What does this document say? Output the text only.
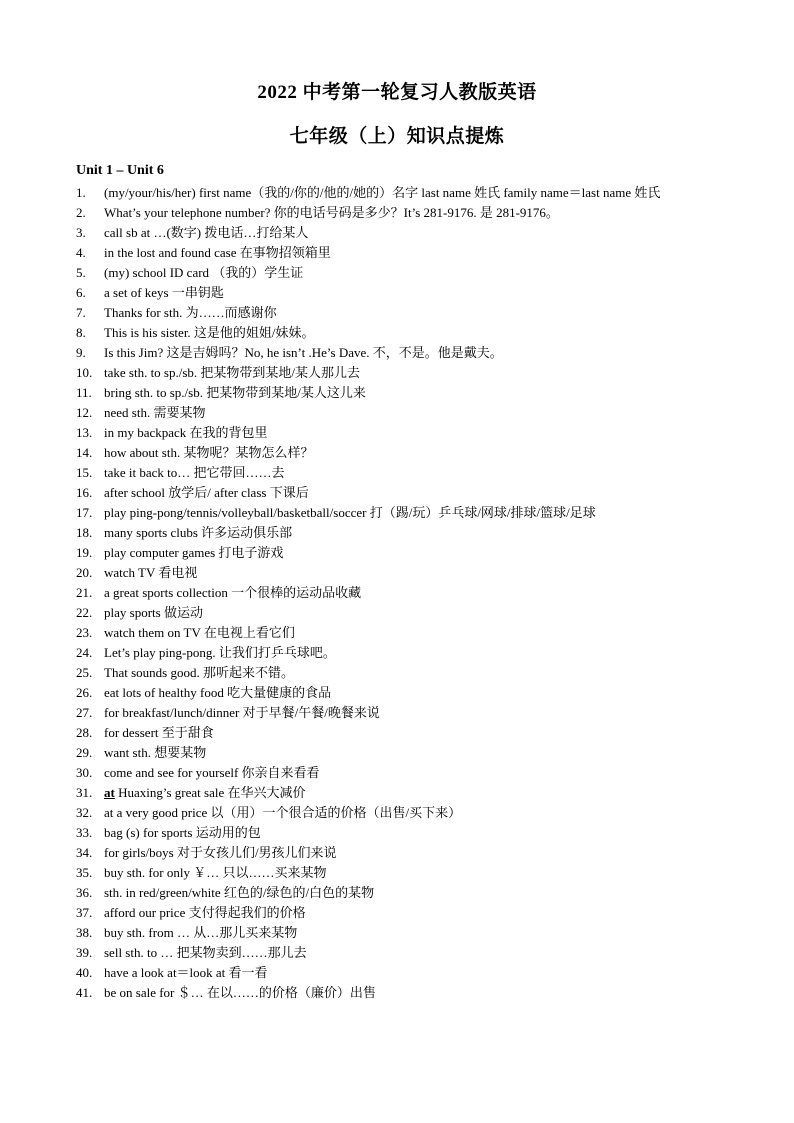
2022 中考第一轮复习人教版英语
七年级（上）知识点提炼
Unit 1 – Unit 6
1.	(my/your/his/her) first name（我的/你的/他的/她的）名字 last name 姓氏 family name＝last name 姓氏
2.	What’s your telephone number? 你的电话号码是多少？It’s 281-9176. 是 281-9176。
3.	call sb at …(数字) 拨电话…打给某人
4.	in the lost and found case 在事物招领箱里
5.	(my) school ID card （我的）学生证
6.	a set of keys 一串钥匙
7.	Thanks for sth. 为……而感谢你
8.	This is his sister. 这是他的姐姐/妹妹。
9.	Is this Jim? 这是吉姆吗？No, he isn’t .He’s Dave. 不，不是。他是戴夫。
10. take sth. to sp./sb. 把某物带到某地/某人那儿去
11. bring sth. to sp./sb. 把某物带到某地/某人这儿来
12. need sth. 需要某物
13. in my backpack 在我的背包里
14. how about sth. 某物呢？某物怎么样？
15. take it back to… 把它带回……去
16. after school 放学后/ after class 下课后
17. play ping-pong/tennis/volleyball/basketball/soccer 打（踢/玩）乒乓球/网球/排球/篮球/足球
18. many sports clubs 许多运动俱乐部
19. play computer games 打电子游戏
20. watch TV 看电视
21. a great sports collection 一个很棒的运动品收藏
22. play sports 做运动
23. watch them on TV 在电视上看它们
24. Let’s play ping-pong. 让我们打乒乓球吧。
25. That sounds good. 那听起来不错。
26. eat lots of healthy food 吃大量健康的食品
27. for breakfast/lunch/dinner 对于早餐/午餐/晚餐来说
28. for dessert 至于甜食
29. want sth. 想要某物
30. come and see for yourself 你亲自来看看
31. at Huaxing’s great sale 在华兴大减价
32. at a very good price 以（用）一个很合适的价格（出售/买下来）
33. bag (s) for sports 运动用的包
34. for girls/boys 对于女孩儿们/男孩儿们来说
35. buy sth. for only ￥… 只以……买来某物
36. sth. in red/green/white 红色的/绿色的/白色的某物
37. afford our price 支付得起我们的价格
38. buy sth. from … 从…那儿买来某物
39. sell sth. to … 把某物卖到……那儿去
40. have a look at＝look at 看一看
41. be on sale for ＄… 在以……的价格（廉价）出售
